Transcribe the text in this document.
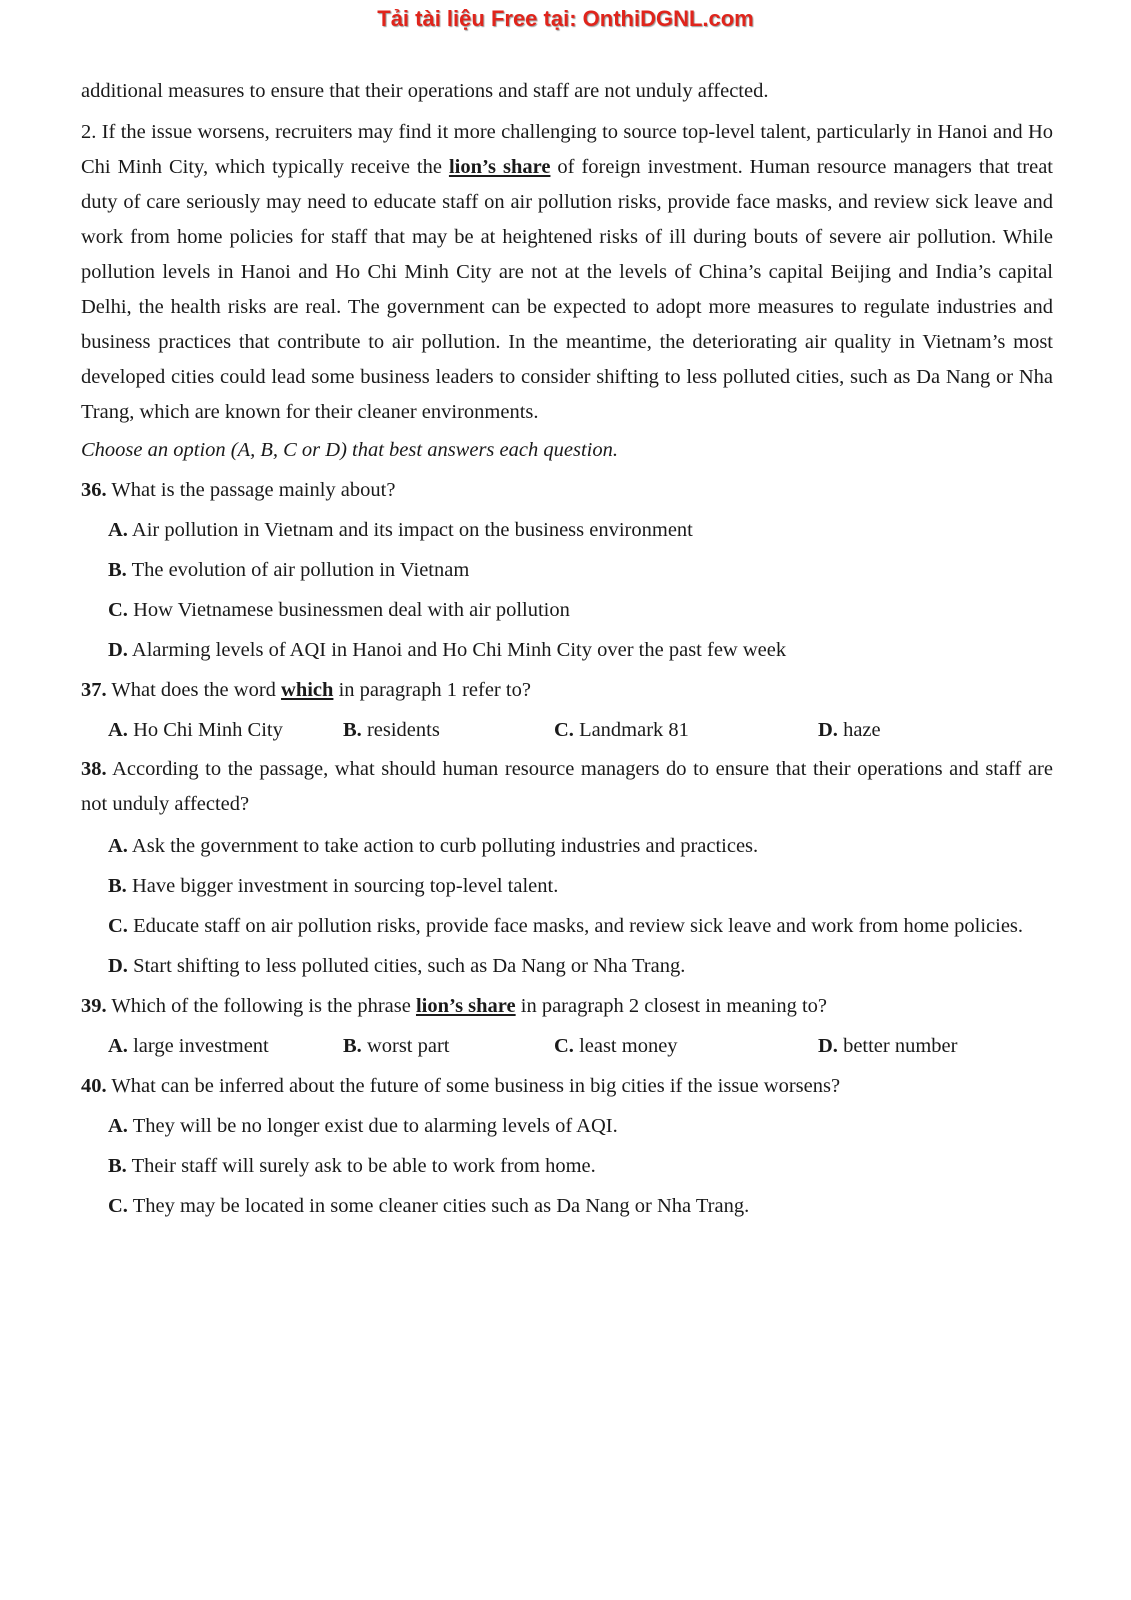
Tải tài liệu Free tại: OnthiDGNL.com

additional measures to ensure that their operations and staff are not unduly affected.

2. If the issue worsens, recruiters may find it more challenging to source top-level talent, particularly in Hanoi and Ho Chi Minh City, which typically receive the lion’s share of foreign investment. Human resource managers that treat duty of care seriously may need to educate staff on air pollution risks, provide face masks, and review sick leave and work from home policies for staff that may be at heightened risks of ill during bouts of severe air pollution. While pollution levels in Hanoi and Ho Chi Minh City are not at the levels of China’s capital Beijing and India’s capital Delhi, the health risks are real. The government can be expected to adopt more measures to regulate industries and business practices that contribute to air pollution. In the meantime, the deteriorating air quality in Vietnam’s most developed cities could lead some business leaders to consider shifting to less polluted cities, such as Da Nang or Nha Trang, which are known for their cleaner environments.

Choose an option (A, B, C or D) that best answers each question.

36. What is the passage mainly about?

A. Air pollution in Vietnam and its impact on the business environment

B. The evolution of air pollution in Vietnam

C. How Vietnamese businessmen deal with air pollution

D. Alarming levels of AQI in Hanoi and Ho Chi Minh City over the past few week

37. What does the word which in paragraph 1 refer to?

A. Ho Chi Minh City	B. residents	C. Landmark 81	D. haze

38. According to the passage, what should human resource managers do to ensure that their operations and staff are not unduly affected?

A. Ask the government to take action to curb polluting industries and practices.

B. Have bigger investment in sourcing top-level talent.

C. Educate staff on air pollution risks, provide face masks, and review sick leave and work from home policies.

D. Start shifting to less polluted cities, such as Da Nang or Nha Trang.

39. Which of the following is the phrase lion’s share in paragraph 2 closest in meaning to?

A. large investment	B. worst part	C. least money	D. better number

40. What can be inferred about the future of some business in big cities if the issue worsens?

A. They will be no longer exist due to alarming levels of AQI.

B. Their staff will surely ask to be able to work from home.

C. They may be located in some cleaner cities such as Da Nang or Nha Trang.
